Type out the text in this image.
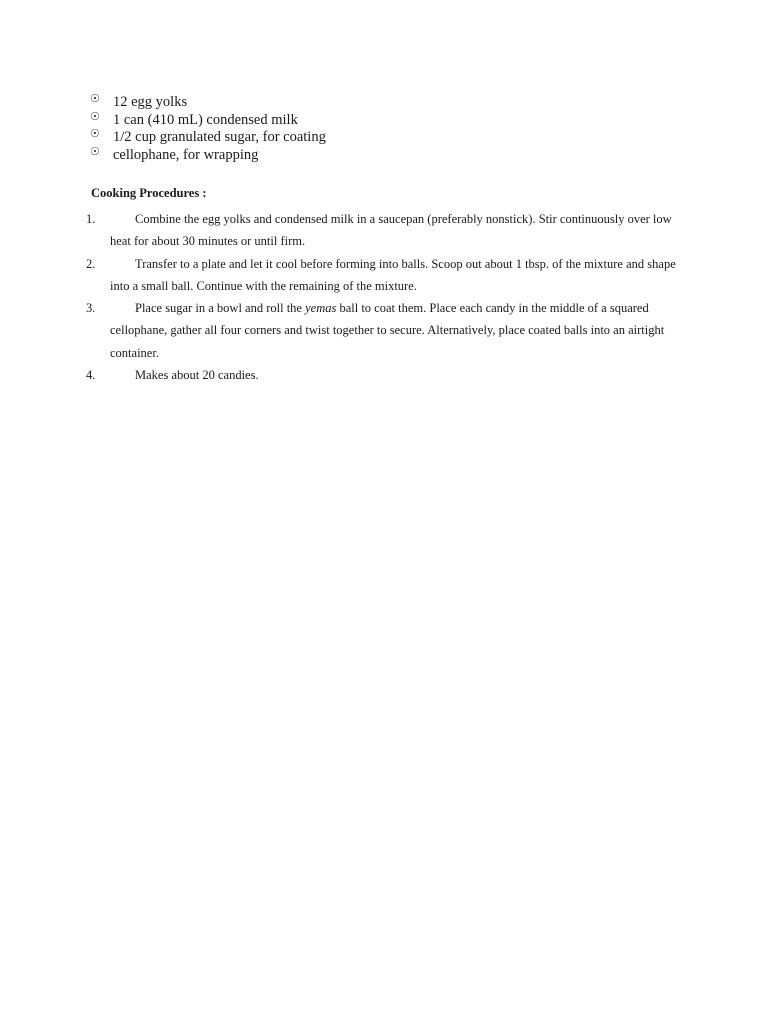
☉ 12 egg yolks
☉ 1 can (410 mL) condensed milk
☉ 1/2 cup granulated sugar, for coating
☉ cellophane, for wrapping
Cooking Procedures :
1.	Combine the egg yolks and condensed milk in a saucepan (preferably nonstick). Stir continuously over low heat for about 30 minutes or until firm.
2.	Transfer to a plate and let it cool before forming into balls. Scoop out about 1 tbsp. of the mixture and shape into a small ball. Continue with the remaining of the mixture.
3.	Place sugar in a bowl and roll the yemas ball to coat them. Place each candy in the middle of a squared cellophane, gather all four corners and twist together to secure. Alternatively, place coated balls into an airtight container.
4.	Makes about 20 candies.
